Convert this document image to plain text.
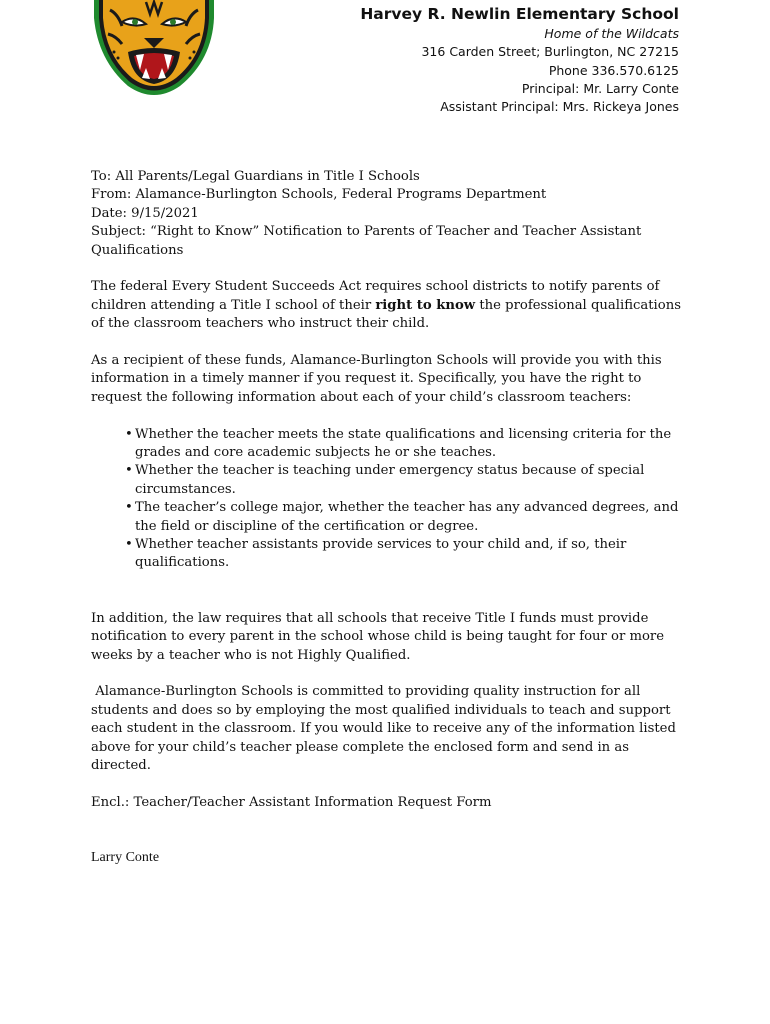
Harvey R. Newlin Elementary School
Home of the Wildcats
316 Carden Street; Burlington, NC 27215
Phone 336.570.6125
Principal: Mr. Larry Conte
Assistant Principal: Mrs. Rickeya Jones

To: All Parents/Legal Guardians in Title I Schools

From: Alamance-Burlington Schools, Federal Programs Department

Date: 9/15/2021

Subject: “Right to Know” Notification to Parents of Teacher and Teacher Assistant

Qualifications

The federal Every Student Succeeds Act requires school districts to notify parents of children attending a Title I school of their right to know the professional qualifications of the classroom teachers who instruct their child.

As a recipient of these funds, Alamance-Burlington Schools will provide you with this information in a timely manner if you request it. Specifically, you have the right to request the following information about each of your child’s classroom teachers:

• Whether the teacher meets the state qualifications and licensing criteria for the grades and core academic subjects he or she teaches.
• Whether the teacher is teaching under emergency status because of special circumstances.
• The teacher’s college major, whether the teacher has any advanced degrees, and the field or discipline of the certification or degree.
• Whether teacher assistants provide services to your child and, if so, their qualifications.

In addition, the law requires that all schools that receive Title I funds must provide notification to every parent in the school whose child is being taught for four or more weeks by a teacher who is not Highly Qualified.

Alamance-Burlington Schools is committed to providing quality instruction for all students and does so by employing the most qualified individuals to teach and support each student in the classroom. If you would like to receive any of the information listed above for your child’s teacher please complete the enclosed form and send in as directed.

Encl.: Teacher/Teacher Assistant Information Request Form

Larry Conte
